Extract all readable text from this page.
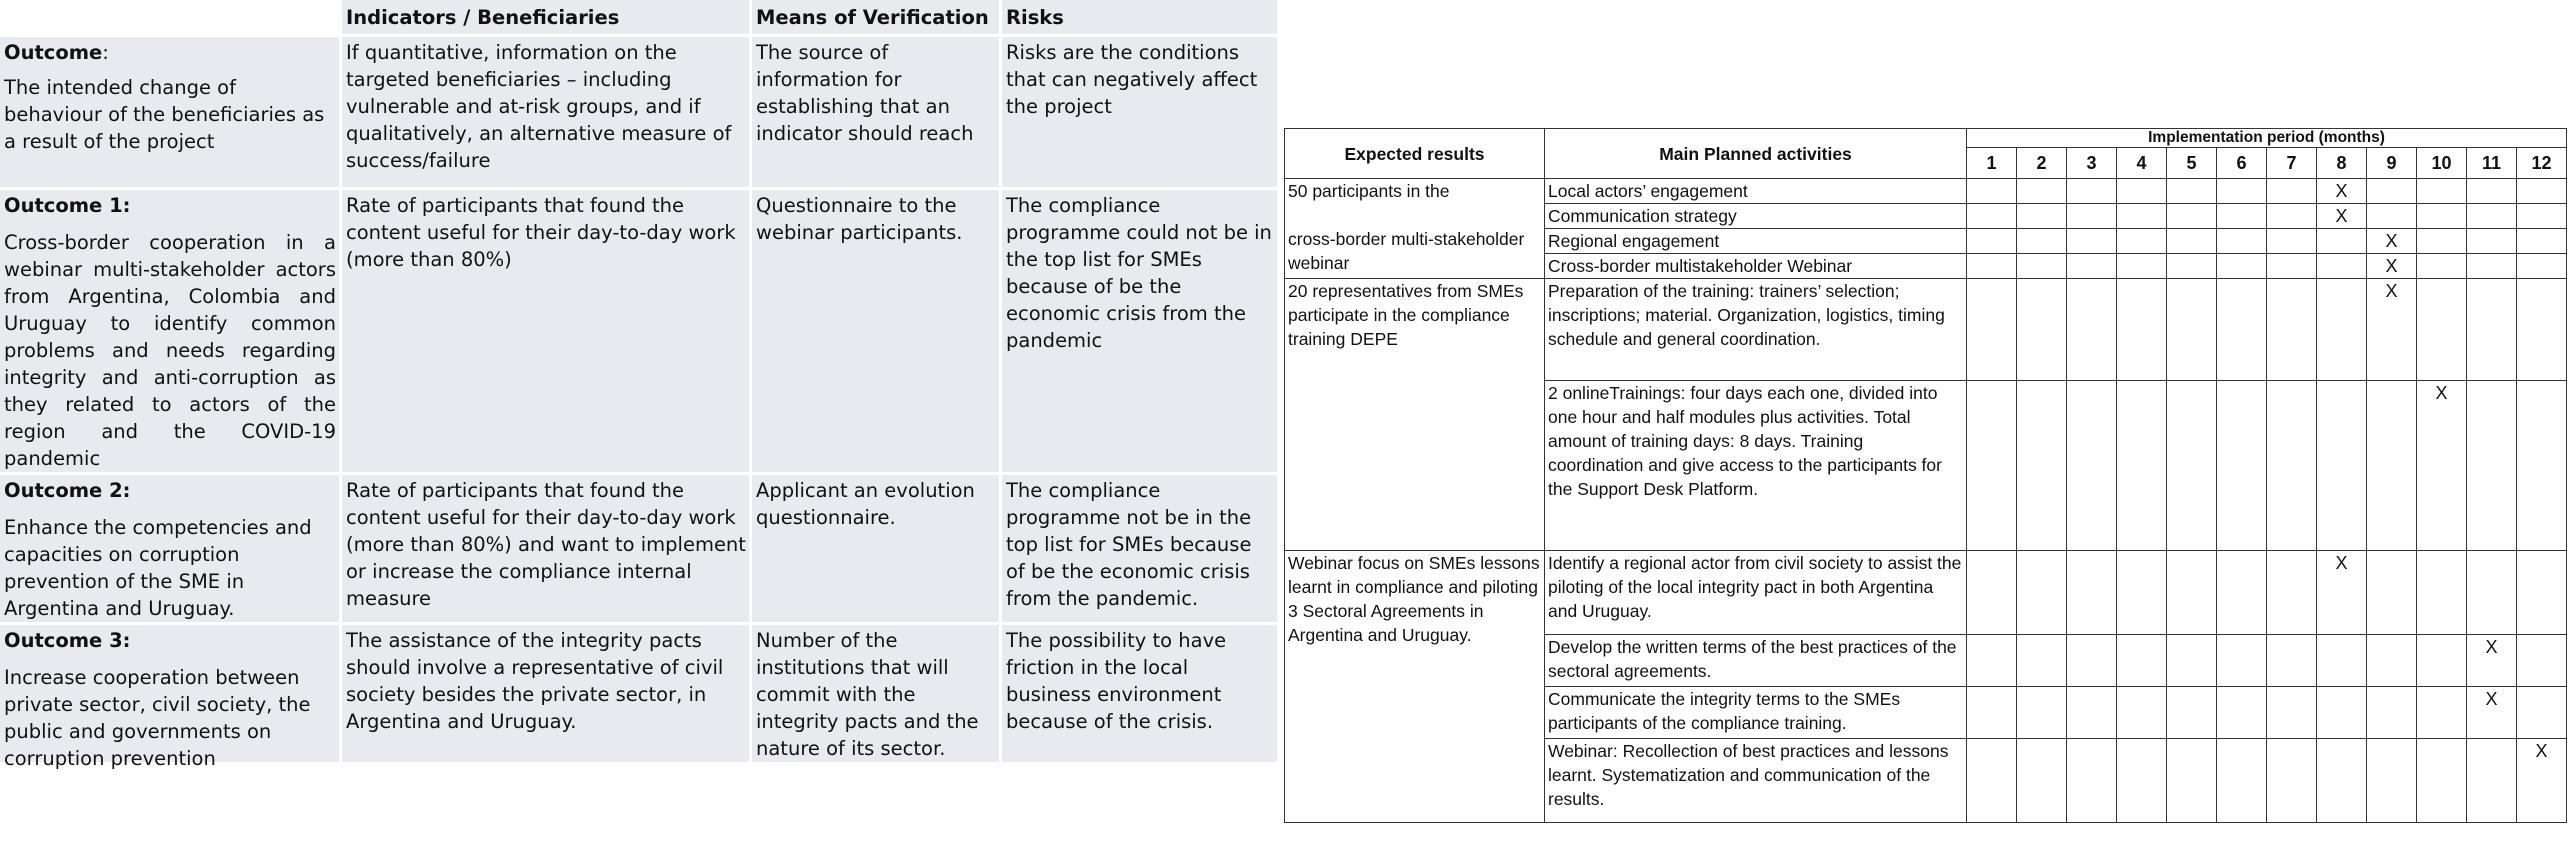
	Indicators / Beneficiaries	Means of Verification	Risks

Outcome:
The intended change of behaviour of the beneficiaries as a result of the project	If quantitative, information on the targeted beneficiaries – including vulnerable and at-risk groups, and if qualitatively, an alternative measure of success/failure	The source of information for establishing that an indicator should reach	Risks are the conditions that can negatively affect the project

Outcome 1:
Cross-border cooperation in a webinar multi-stakeholder actors from Argentina, Colombia and Uruguay to identify common problems and needs regarding integrity and anti-corruption as they related to actors of the region and the COVID-19 pandemic	Rate of participants that found the content useful for their day-to-day work (more than 80%)	Questionnaire to the webinar participants.	The compliance programme could not be in the top list for SMEs because of be the economic crisis from the pandemic

Outcome 2:
Enhance the competencies and capacities on corruption prevention of the SME in Argentina and Uruguay.	Rate of participants that found the content useful for their day-to-day work (more than 80%) and want to implement or increase the compliance internal measure	Applicant an evolution questionnaire.	The compliance programme not be in the top list for SMEs because of be the economic crisis from the pandemic.

Outcome 3:
Increase cooperation between private sector, civil society, the public and governments on corruption prevention	The assistance of the integrity pacts should involve a representative of civil society besides the private sector, in Argentina and Uruguay.	Number of the institutions that will commit with the integrity pacts and the nature of its sector.	The possibility to have friction in the local business environment because of the crisis.
Expected results	Main Planned activities	Implementation period (months)											
		1	2	3	4	5	6	7	8	9	10	11	12
50 participants in the

cross-border multi-stakeholder webinar	Local actors’ engagement								X				
	Communication strategy								X				
	Regional engagement									X			
	Cross-border multistakeholder Webinar									X			
20 representatives from SMEs participate in the compliance training DEPE	Preparation of the training: trainers’ selection; inscriptions; material. Organization, logistics, timing schedule and general coordination.									X			
	2 onlineTrainings: four days each one, divided into one hour and half modules plus activities. Total amount of training days: 8 days. Training coordination and give access to the participants for the Support Desk Platform.										X		
Webinar focus on SMEs lessons learnt in compliance and piloting 3 Sectoral Agreements in Argentina and Uruguay.	Identify a regional actor from civil society to assist the piloting of the local integrity pact in both Argentina and Uruguay.								X				
	Develop the written terms of the best practices of the sectoral agreements.											X	
	Communicate the integrity terms to the SMEs participants of the compliance training.											X	
	Webinar: Recollection of best practices and lessons learnt. Systematization and communication of the results.												X
